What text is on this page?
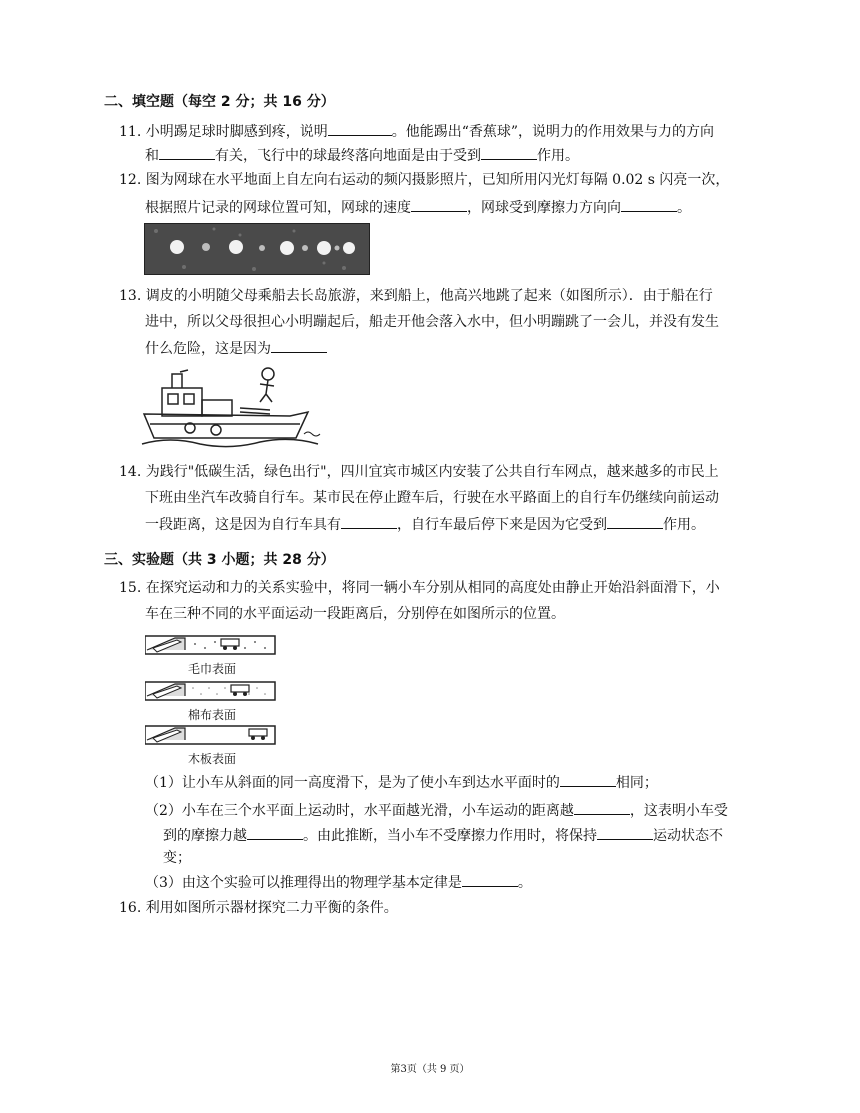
二、填空题（每空 2 分；共 16 分）
11. 小明踢足球时脚感到疼，说明	。他能踢出“香蕉球”，说明力的作用效果与力的方向
和	有关，飞行中的球最终落向地面是由于受到	作用。
12. 图为网球在水平地面上自左向右运动的频闪摄影照片，已知所用闪光灯每隔 0.02 s 闪亮一次，
根据照片记录的网球位置可知，网球的速度	，网球受到摩擦力方向向	。
13. 调皮的小明随父母乘船去长岛旅游，来到船上，他高兴地跳了起来（如图所示）．由于船在行
进中，所以父母很担心小明蹦起后，船走开他会落入水中，但小明蹦跳了一会儿，并没有发生
什么危险，这是因为
14. 为践行"低碳生活，绿色出行"，四川宜宾市城区内安装了公共自行车网点，越来越多的市民上
下班由坐汽车改骑自行车。某市民在停止蹬车后，行驶在水平路面上的自行车仍继续向前运动
一段距离，这是因为自行车具有	，自行车最后停下来是因为它受到	作用。
三、实验题（共 3 小题；共 28 分）
15. 在探究运动和力的关系实验中，将同一辆小车分别从相同的高度处由静止开始沿斜面滑下，小
车在三种不同的水平面运动一段距离后，分别停在如图所示的位置。
毛巾表面
棉布表面
木板表面
（1）让小车从斜面的同一高度滑下，是为了使小车到达水平面时的	相同；
（2）小车在三个水平面上运动时，水平面越光滑，小车运动的距离越	，这表明小车受
到的摩擦力越	。由此推断，当小车不受摩擦力作用时，将保持	运动状态不
变；
（3）由这个实验可以推理得出的物理学基本定律是	。
16. 利用如图所示器材探究二力平衡的条件。
第3页（共 9 页）
